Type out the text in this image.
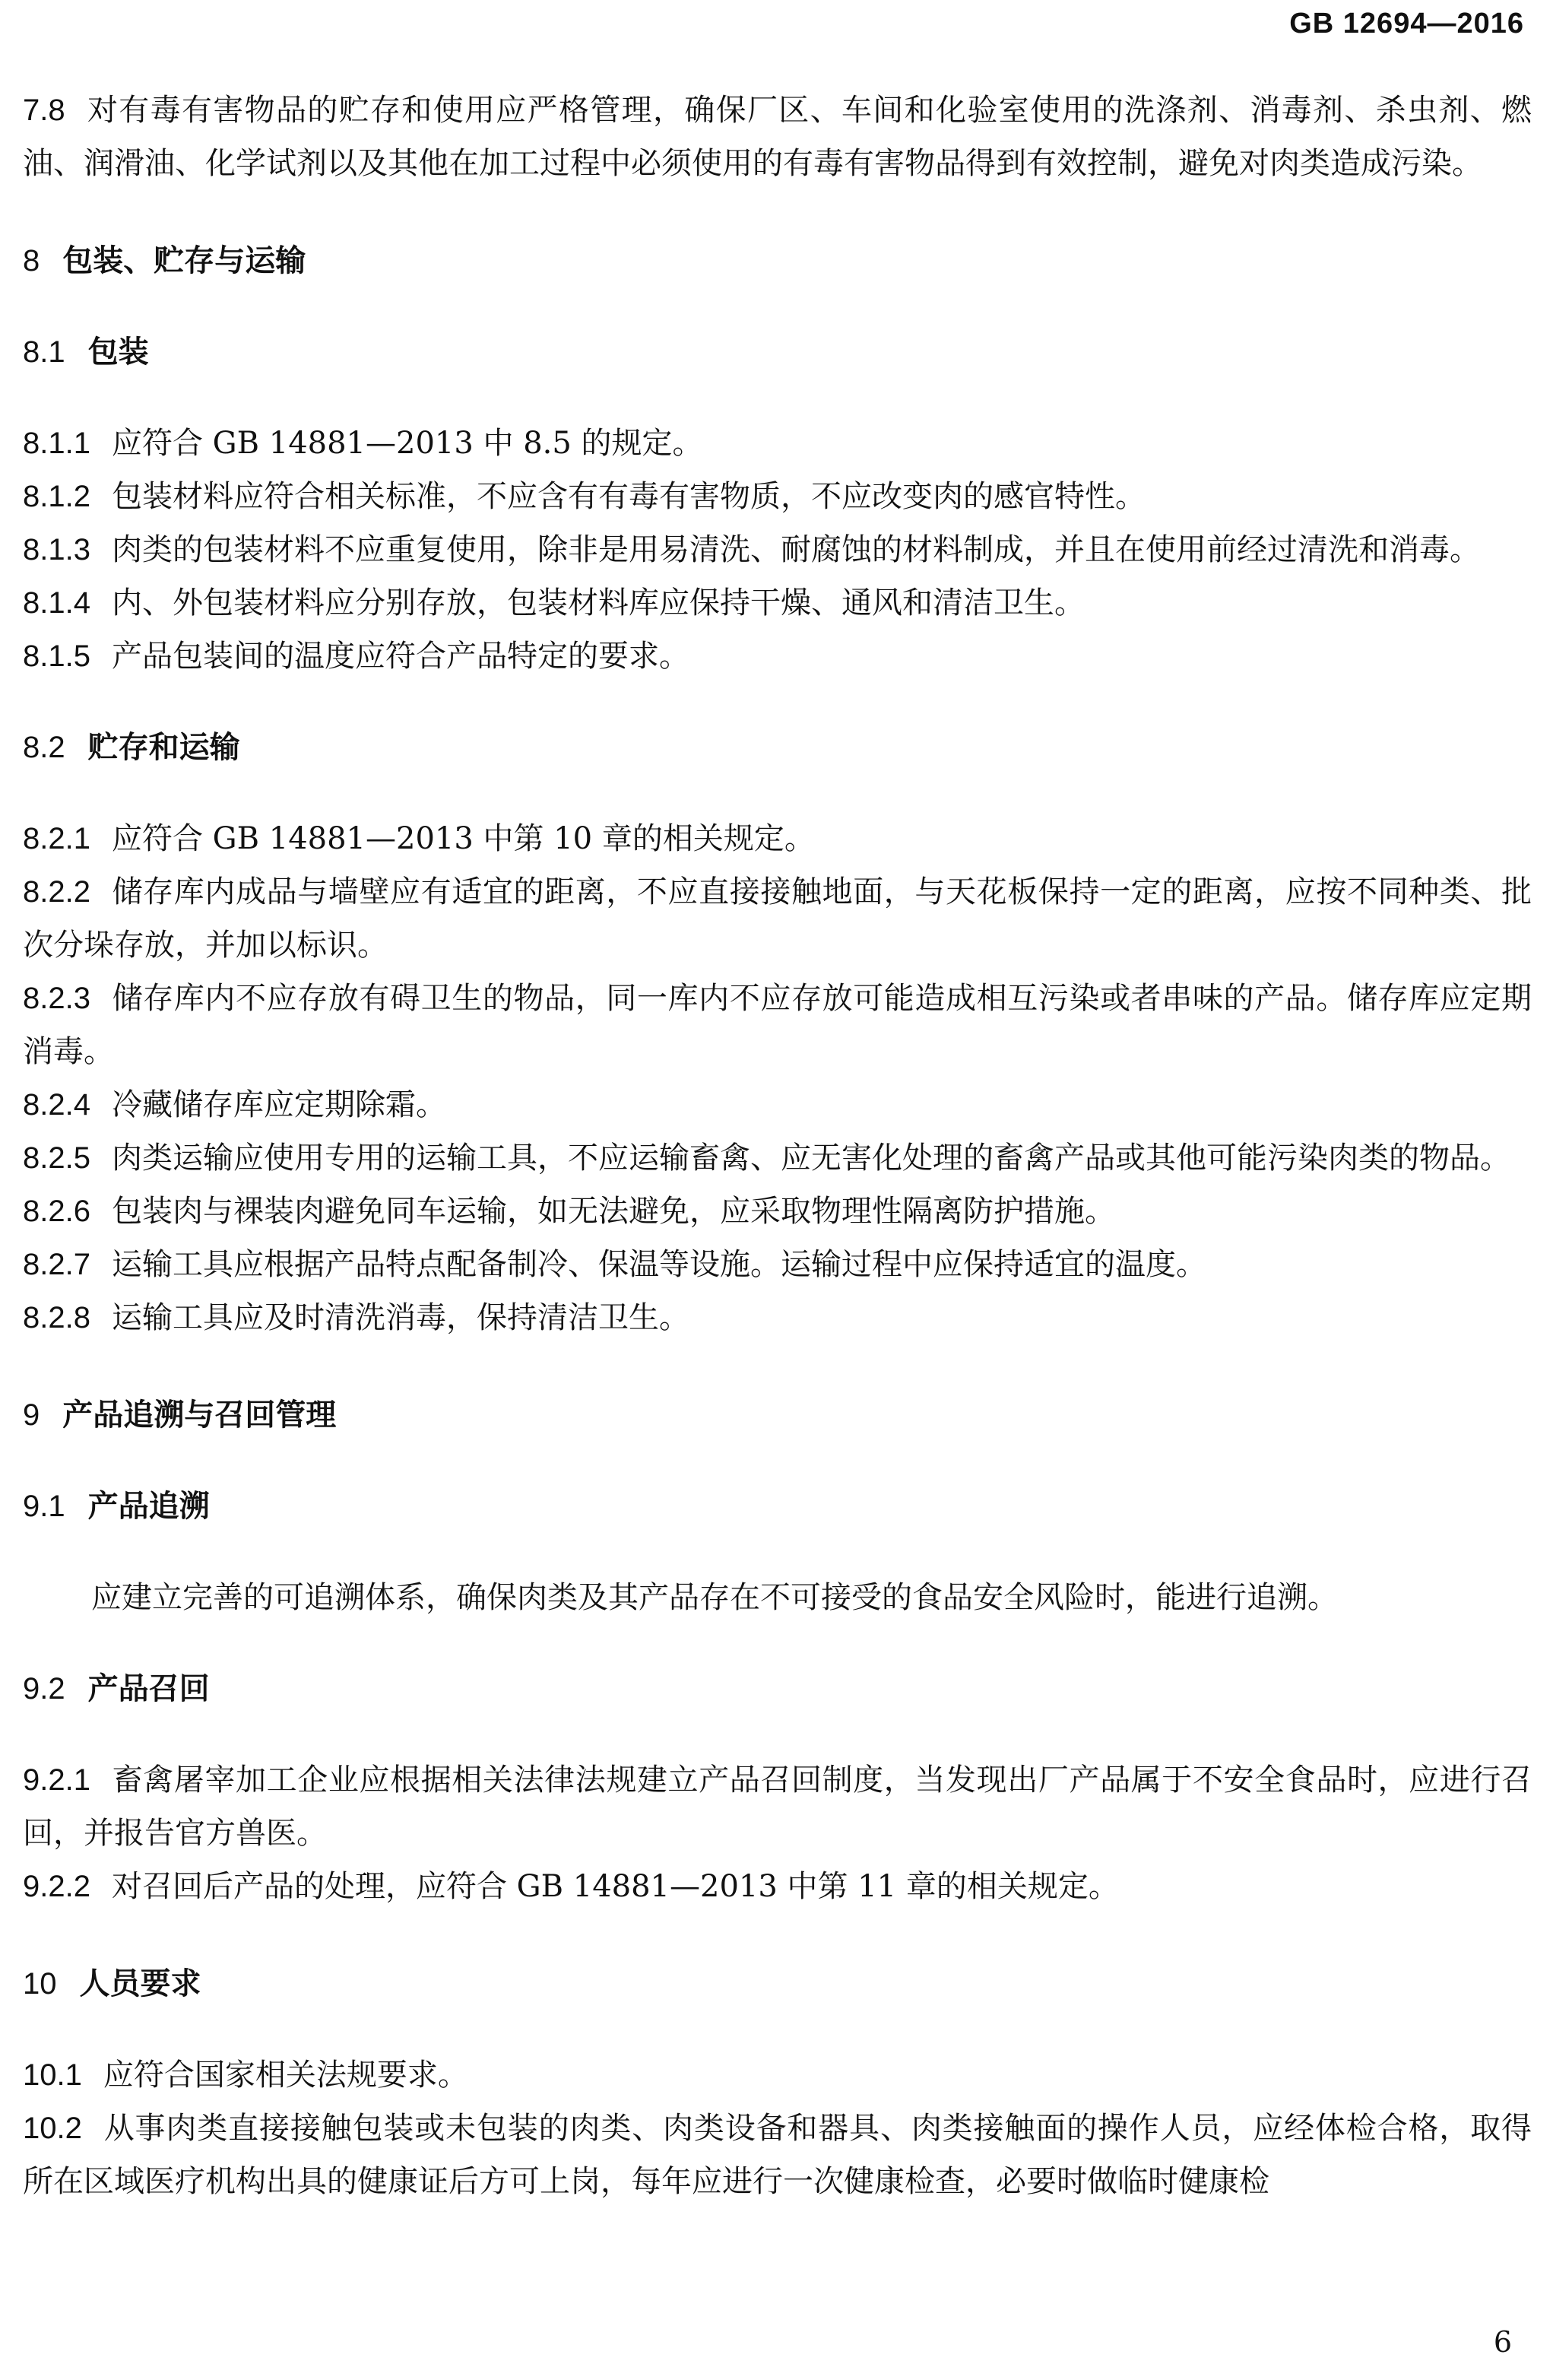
GB 12694—2016

7.8 对有毒有害物品的贮存和使用应严格管理，确保厂区、车间和化验室使用的洗涤剂、消毒剂、杀虫剂、燃油、润滑油、化学试剂以及其他在加工过程中必须使用的有毒有害物品得到有效控制，避免对肉类造成污染。

8 包装、贮存与运输

8.1 包装

8.1.1 应符合 GB 14881—2013 中 8.5 的规定。

8.1.2 包装材料应符合相关标准，不应含有有毒有害物质，不应改变肉的感官特性。

8.1.3 肉类的包装材料不应重复使用，除非是用易清洗、耐腐蚀的材料制成，并且在使用前经过清洗和消毒。

8.1.4 内、外包装材料应分别存放，包装材料库应保持干燥、通风和清洁卫生。

8.1.5 产品包装间的温度应符合产品特定的要求。

8.2 贮存和运输

8.2.1 应符合 GB 14881—2013 中第 10 章的相关规定。

8.2.2 储存库内成品与墙壁应有适宜的距离，不应直接接触地面，与天花板保持一定的距离，应按不同种类、批次分垛存放，并加以标识。

8.2.3 储存库内不应存放有碍卫生的物品，同一库内不应存放可能造成相互污染或者串味的产品。储存库应定期消毒。

8.2.4 冷藏储存库应定期除霜。

8.2.5 肉类运输应使用专用的运输工具，不应运输畜禽、应无害化处理的畜禽产品或其他可能污染肉类的物品。

8.2.6 包装肉与裸装肉避免同车运输，如无法避免，应采取物理性隔离防护措施。

8.2.7 运输工具应根据产品特点配备制冷、保温等设施。运输过程中应保持适宜的温度。

8.2.8 运输工具应及时清洗消毒，保持清洁卫生。

9 产品追溯与召回管理

9.1 产品追溯

应建立完善的可追溯体系，确保肉类及其产品存在不可接受的食品安全风险时，能进行追溯。

9.2 产品召回

9.2.1 畜禽屠宰加工企业应根据相关法律法规建立产品召回制度，当发现出厂产品属于不安全食品时，应进行召回，并报告官方兽医。

9.2.2 对召回后产品的处理，应符合 GB 14881—2013 中第 11 章的相关规定。

10 人员要求

10.1 应符合国家相关法规要求。

10.2 从事肉类直接接触包装或未包装的肉类、肉类设备和器具、肉类接触面的操作人员，应经体检合格，取得所在区域医疗机构出具的健康证后方可上岗，每年应进行一次健康检查，必要时做临时健康检

6
